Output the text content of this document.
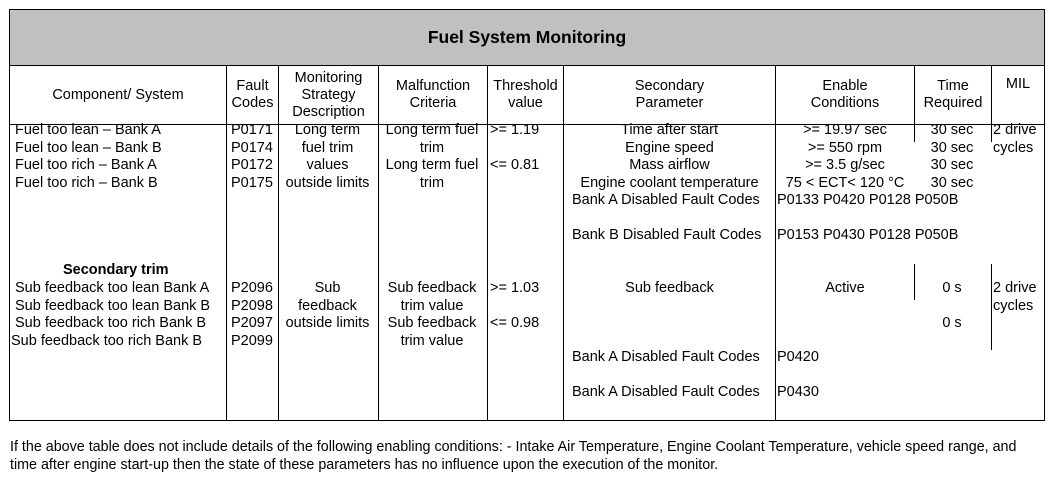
Fuel System Monitoring
Component/ System
Fault Codes
Monitoring Strategy Description
Malfunction Criteria
Threshold value
Secondary Parameter
Enable Conditions
Time Required
MIL
Fuel too lean – Bank A
Fuel too lean – Bank B
Fuel too rich – Bank A
Fuel too rich – Bank B
P0171
P0174
P0172
P0175
Long term
fuel trim
values
outside limits
Long term fuel
trim
Long term fuel
trim
>= 1.19
<= 0.81
Time after start
Engine speed
Mass airflow
Engine coolant temperature
>= 19.97 sec
>= 550 rpm
>= 3.5 g/sec
75 < ECT< 120 °C
30 sec
30 sec
30 sec
30 sec
2 drive
cycles
Bank A Disabled Fault Codes P0133 P0420 P0128 P050B
Bank B Disabled Fault Codes P0153 P0430 P0128 P050B
Secondary trim
Sub feedback too lean Bank A
Sub feedback too lean Bank B
Sub feedback too rich Bank B
Sub feedback too rich Bank B
P2096
P2098
P2097
P2099
Sub
feedback
outside limits
Sub feedback
trim value
Sub feedback
trim value
>= 1.03
<= 0.98
Sub feedback	Active	0 s
0 s
2 drive
cycles
Bank A Disabled Fault Codes P0420
Bank A Disabled Fault Codes P0430
If the above table does not include details of the following enabling conditions: - Intake Air Temperature, Engine Coolant Temperature, vehicle speed range, and time after engine start-up then the state of these parameters has no influence upon the execution of the monitor.
